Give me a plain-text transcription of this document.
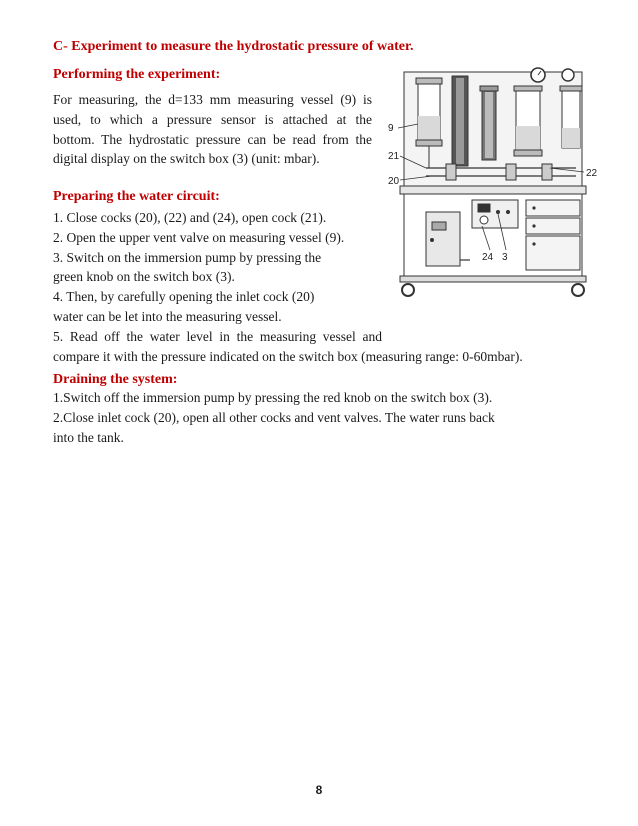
C- Experiment to measure the hydrostatic pressure of water.
Performing the experiment:
For measuring, the d=133 mm measuring vessel (9) is
used, to which a pressure sensor is attached at the
bottom. The hydrostatic pressure can be read from the
digital display on the switch box (3) (unit: mbar).
Preparing the water circuit:
1. Close cocks (20), (22) and (24), open cock (21).
2. Open the upper vent valve on measuring vessel (9).
3. Switch on the immersion pump by pressing the
green knob on the switch box (3).
4. Then, by carefully opening the inlet cock (20)
water can be let into the measuring vessel.
5. Read off the water level in the measuring vessel and
compare it with the pressure indicated on the switch box (measuring range: 0-60mbar).
Draining the system:
1.Switch off the immersion pump by pressing the red knob on the switch box (3).
2.Close inlet cock (20), open all other cocks and vent valves. The water runs back
into the tank.
9
21
20
22
24 3
8
